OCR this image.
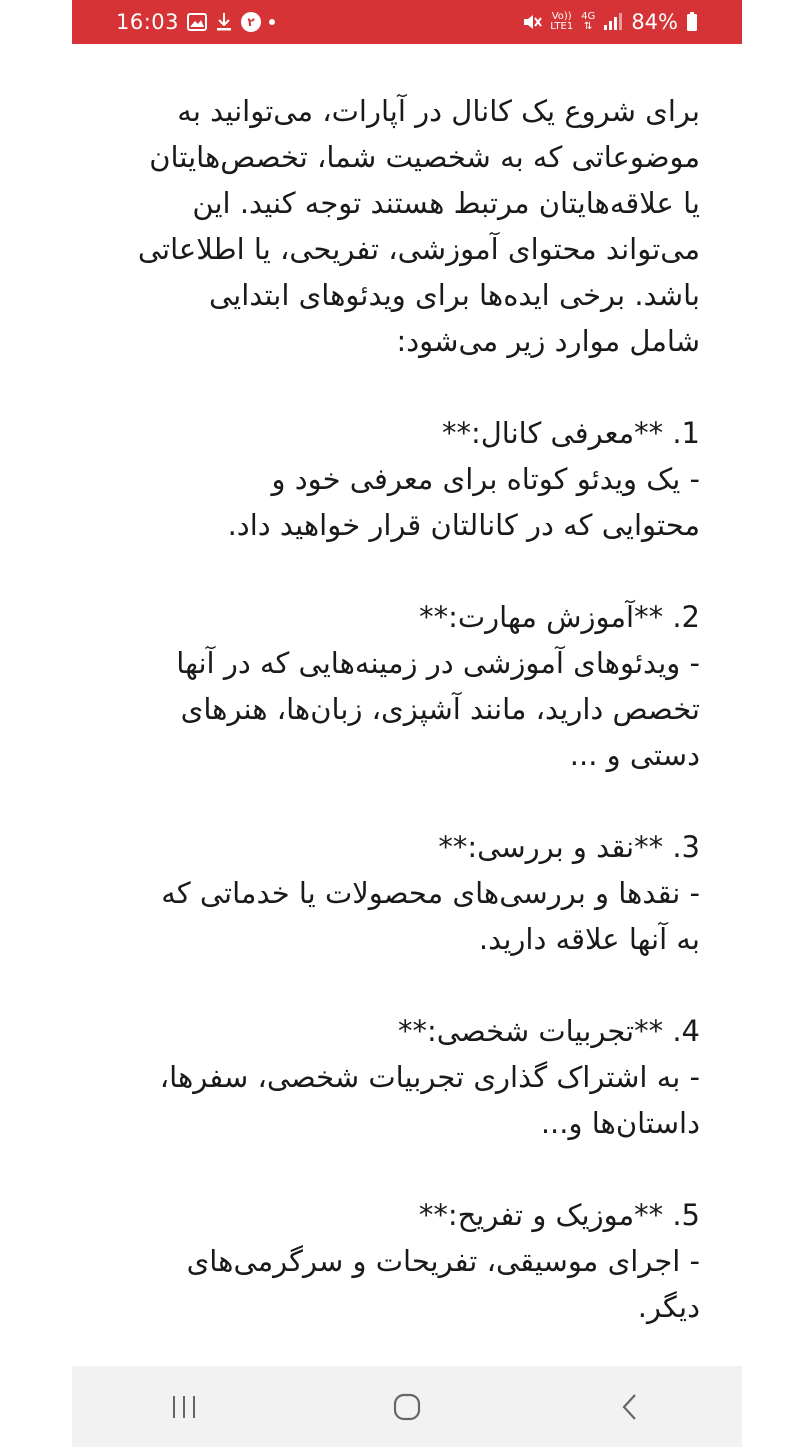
16:03	۲	Vo))
LTE1
4G
⇅ 84%

برای شروع یک کانال در آپارات، می‌توانید به
موضوعاتی که به شخصیت شما، تخصص‌هایتان
یا علاقه‌هایتان مرتبط هستند توجه کنید. این
می‌تواند محتوای آموزشی، تفریحی، یا اطلاعاتی
باشد. برخی ایده‌ها برای ویدئوهای ابتدایی
شامل موارد زیر می‌شود:

1. **معرفی کانال:**
- یک ویدئو کوتاه برای معرفی خود و
محتوایی که در کانالتان قرار خواهید داد.
2. **آموزش مهارت:**
- ویدئوهای آموزشی در زمینه‌هایی که در آنها
تخصص دارید، مانند آشپزی، زبان‌ها، هنرهای
دستی و ...
3. **نقد و بررسی:**
- نقدها و بررسی‌های محصولات یا خدماتی که
به آنها علاقه دارید.
4. **تجربیات شخصی:**
- به اشتراک گذاری تجربیات شخصی، سفرها،
داستان‌ها و...
5. **موزیک و تفریح:**
- اجرای موسیقی، تفریحات و سرگرمی‌های
دیگر.
